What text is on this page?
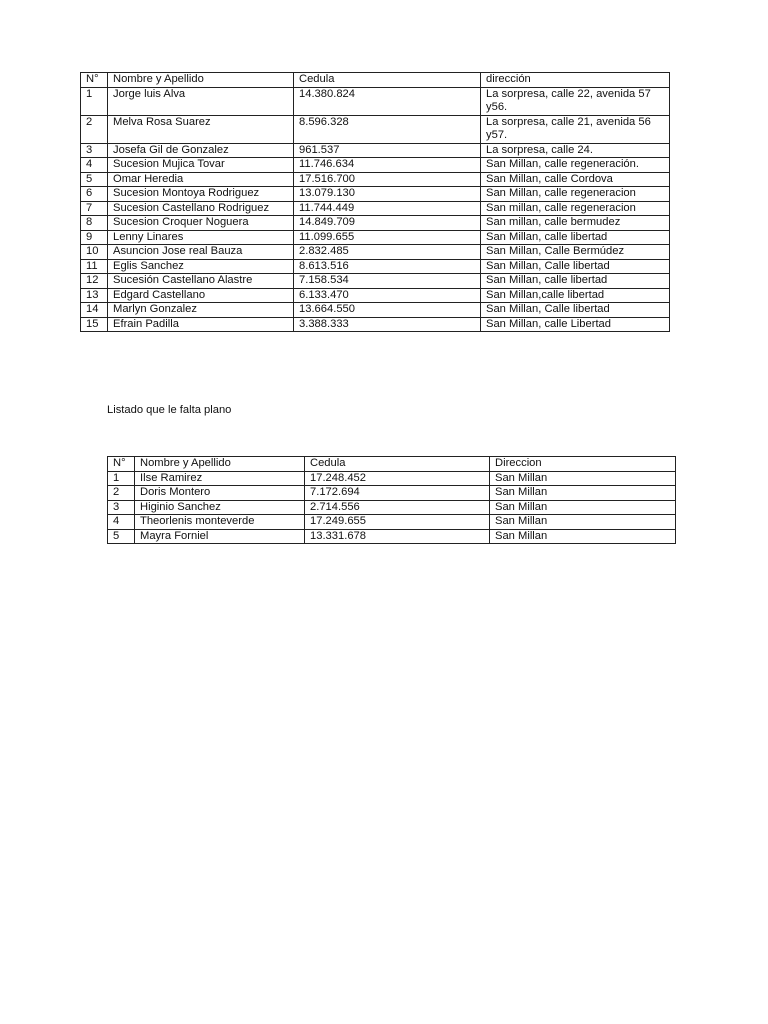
N°	Nombre y Apellido	Cedula	dirección
1	Jorge luis Alva	14.380.824	La sorpresa, calle 22, avenida 57 y56.
2	Melva Rosa Suarez	8.596.328	La sorpresa, calle 21, avenida 56 y57.
3	Josefa Gil de Gonzalez	961.537	La sorpresa, calle 24.
4	Sucesion Mujica Tovar	11.746.634	San Millan, calle regeneración.
5	Omar Heredia	17.516.700	San Millan, calle Cordova
6	Sucesion Montoya Rodriguez	13.079.130	San Millan, calle regeneracion
7	Sucesion Castellano Rodriguez	11.744.449	San millan, calle regeneracion
8	Sucesion Croquer Noguera	14.849.709	San millan, calle bermudez
9	Lenny Linares	11.099.655	San Millan, calle libertad
10	Asuncion Jose real Bauza	2.832.485	San Millan, Calle Bermúdez
11	Eglis Sanchez	8.613.516	San Millan, Calle libertad
12	Sucesión Castellano Alastre	7.158.534	San Millan, calle libertad
13	Edgard Castellano	6.133.470	San Millan,calle libertad
14	Marlyn Gonzalez	13.664.550	San Millan, Calle libertad
15	Efrain Padilla	3.388.333	San Millan, calle Libertad
Listado que le falta plano
N°	Nombre y Apellido	Cedula	Direccion
1	Ilse Ramirez	17.248.452	San Millan
2	Doris Montero	7.172.694	San Millan
3	Higinio Sanchez	2.714.556	San Millan
4	Theorlenis monteverde	17.249.655	San Millan
5	Mayra Forniel	13.331.678	San Millan
